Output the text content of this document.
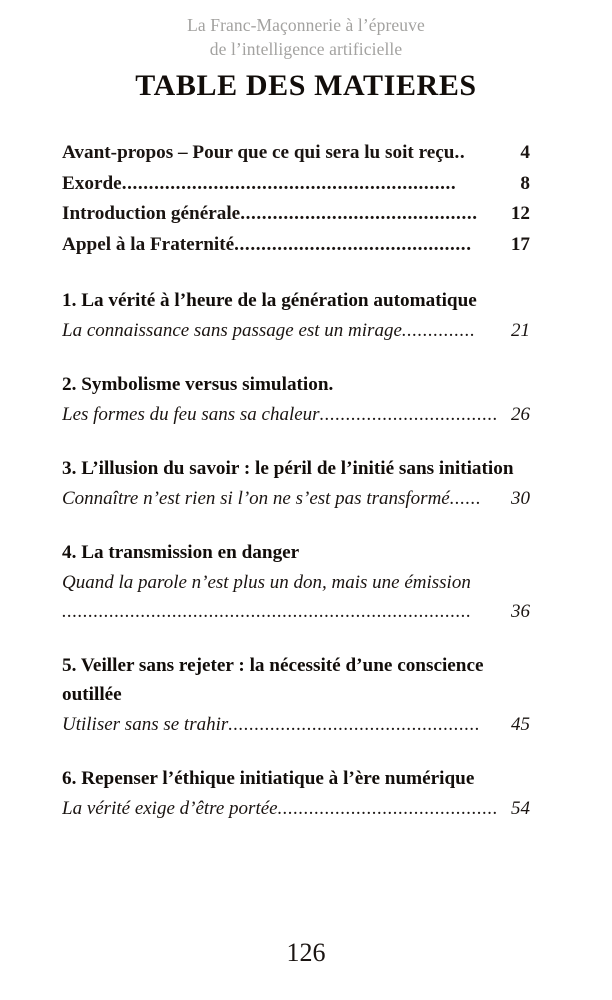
La Franc-Maçonnerie à l’épreuve
de l’intelligence artificielle
TABLE DES MATIERES
Avant-propos – Pour que ce qui sera lu soit reçu ..	4
Exorde ..............................................................	8
Introduction générale ............................................	12
Appel à la Fraternité ............................................	17
1. La vérité à l’heure de la génération automatique
La connaissance sans passage est un mirage ..............	21
2. Symbolisme versus simulation.
Les formes du feu sans sa chaleur .................................. 26
3. L’illusion du savoir : le péril de l’initié sans initiation
Connaître n’est rien si l’on ne s’est pas transformé ......	30
4. La transmission en danger
Quand la parole n’est plus un don, mais une émission
..............................................................................	36
5. Veiller sans rejeter : la nécessité d’une conscience outillée
Utiliser sans se trahir ................................................	45
6. Repenser l’éthique initiatique à l’ère numérique
La vérité exige d’être portée .......................................... 54
126
